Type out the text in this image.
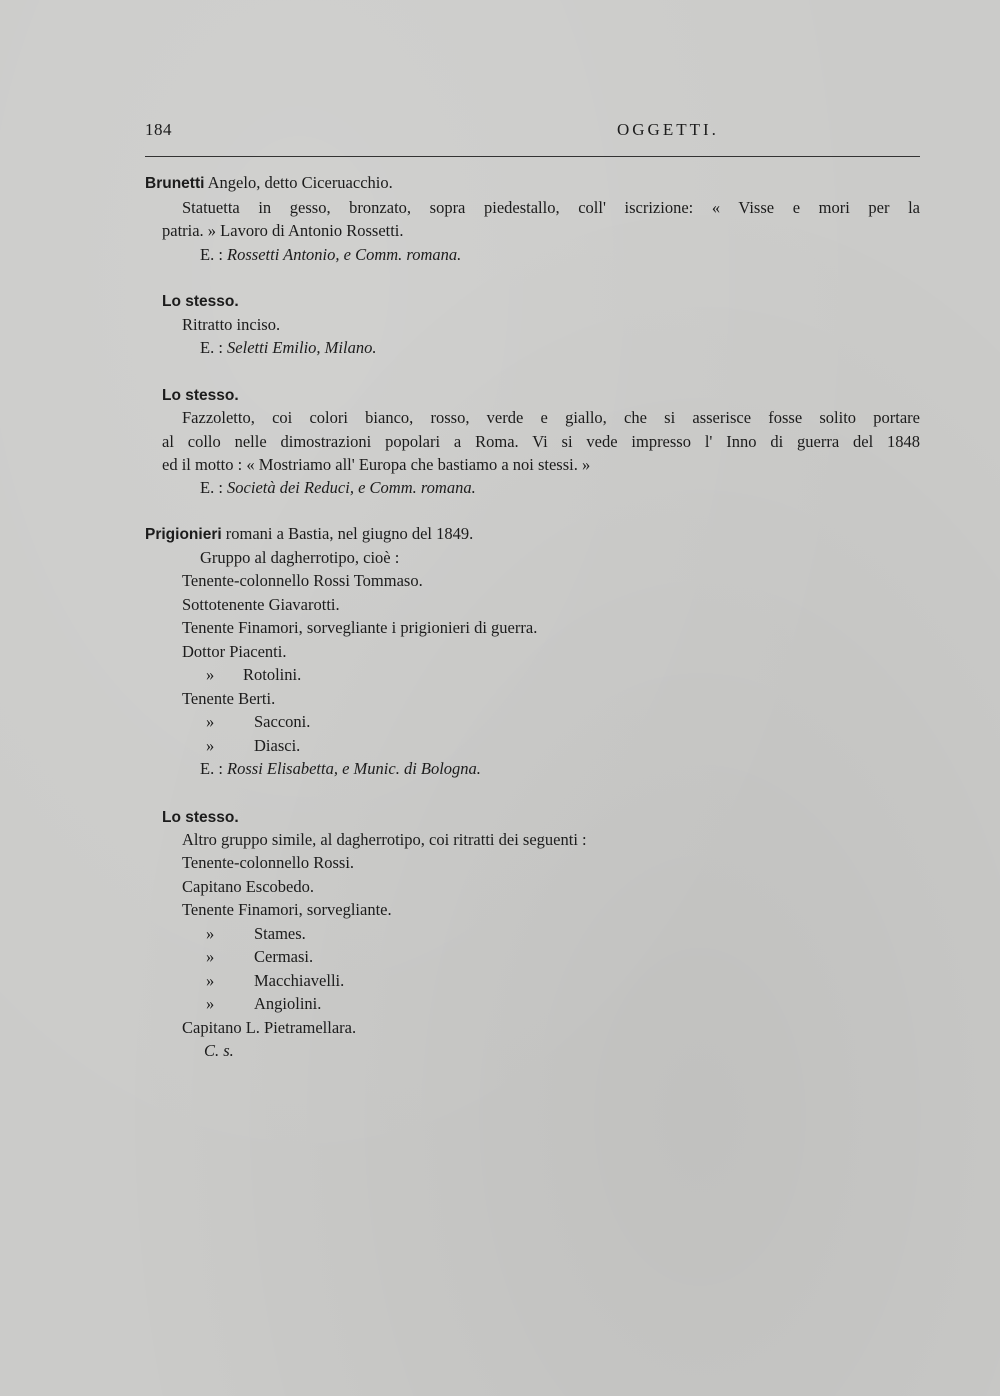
184	OGGETTI.
Brunetti Angelo, detto Ciceruacchio.
Statuetta in gesso, bronzato, sopra piedestallo, coll' iscrizione: « Visse e mori per la
patria. » Lavoro di Antonio Rossetti.
E. : Rossetti Antonio, e Comm. romana.
Lo stesso.
Ritratto inciso.
E. : Seletti Emilio, Milano.
Lo stesso.
Fazzoletto, coi colori bianco, rosso, verde e giallo, che si asserisce fosse solito portare
al collo nelle dimostrazioni popolari a Roma. Vi si vede impresso l' Inno di guerra del 1848
ed il motto : « Mostriamo all' Europa che bastiamo a noi stessi. »
E. : Società dei Reduci, e Comm. romana.
Prigionieri romani a Bastia, nel giugno del 1849.
Gruppo al dagherrotipo, cioè :
Tenente-colonnello Rossi Tommaso.
Sottotenente Giavarotti.
Tenente Finamori, sorvegliante i prigionieri di guerra.
Dottor Piacenti.
» Rotolini.
Tenente Berti.
» Sacconi.
» Diasci.
E. : Rossi Elisabetta, e Munic. di Bologna.
Lo stesso.
Altro gruppo simile, al dagherrotipo, coi ritratti dei seguenti :
Tenente-colonnello Rossi.
Capitano Escobedo.
Tenente Finamori, sorvegliante.
» Stames.
» Cermasi.
» Macchiavelli.
» Angiolini.
Capitano L. Pietramellara.
C. s.
